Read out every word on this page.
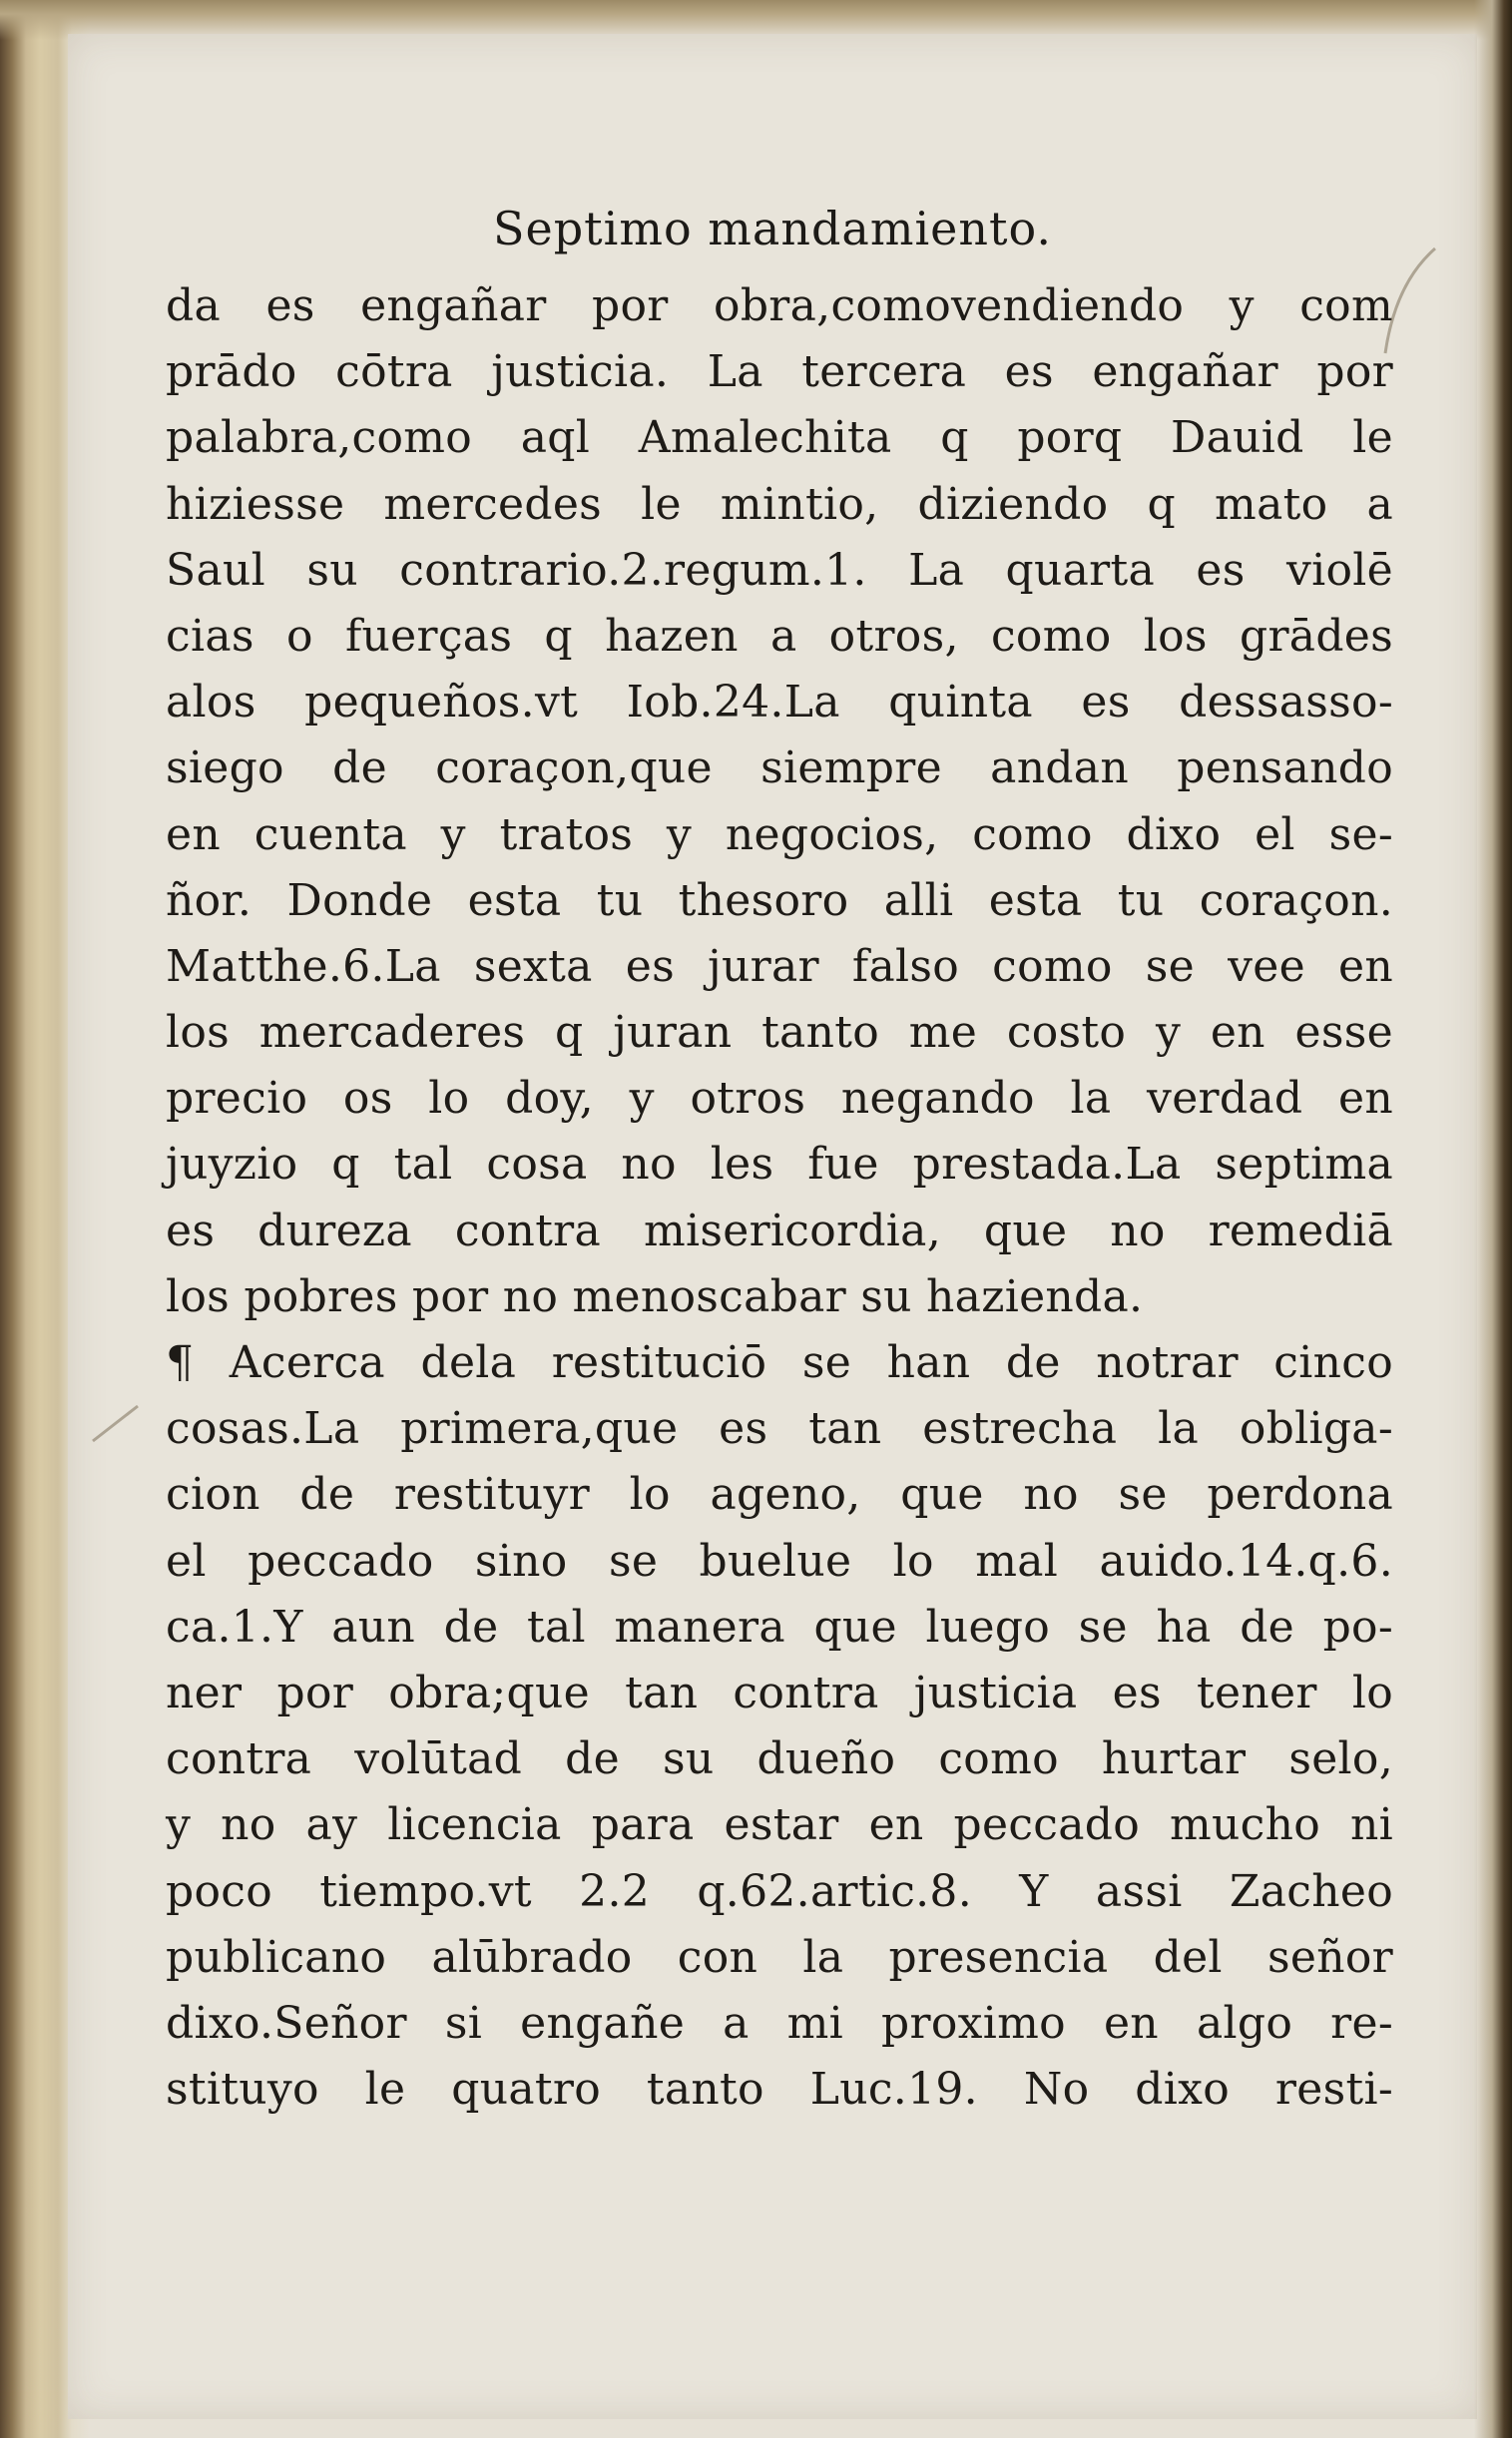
Septimo mandamiento.
da es engañar por obra,comovendiendo y com
prādo cōtra justicia. La tercera es engañar por
palabra,como aql Amalechita q porq Dauid le
hiziesse mercedes le mintio, diziendo q mato a
Saul su contrario.2.regum.1. La quarta es violē
cias o fuerças q hazen a otros, como los grādes
alos pequeños.vt Iob.24.La quinta es dessasso-
siego de coraçon,que siempre andan pensando
en cuenta y tratos y negocios, como dixo el se-
ñor. Donde esta tu thesoro alli esta tu coraçon.
Matthe.6.La sexta es jurar falso como se vee en
los mercaderes q juran tanto me costo y en esse
precio os lo doy, y otros negando la verdad en
juyzio q tal cosa no les fue prestada.La septima
es dureza contra misericordia, que no remediā
los pobres por no menoscabar su hazienda.
¶ Acerca dela restituciō se han de notrar cinco
cosas.La primera,que es tan estrecha la obliga-
cion de restituyr lo ageno, que no se perdona
el peccado sino se buelue lo mal auido.14.q.6.
ca.1.Y aun de tal manera que luego se ha de po-
ner por obra;que tan contra justicia es tener lo
contra volūtad de su dueño como hurtar selo,
y no ay licencia para estar en peccado mucho ni
poco tiempo.vt 2.2 q.62.artic.8. Y assi Zacheo
publicano alūbrado con la presencia del señor
dixo.Señor si engañe a mi proximo en algo re-
stituyo le quatro tanto Luc.19. No dixo resti-
